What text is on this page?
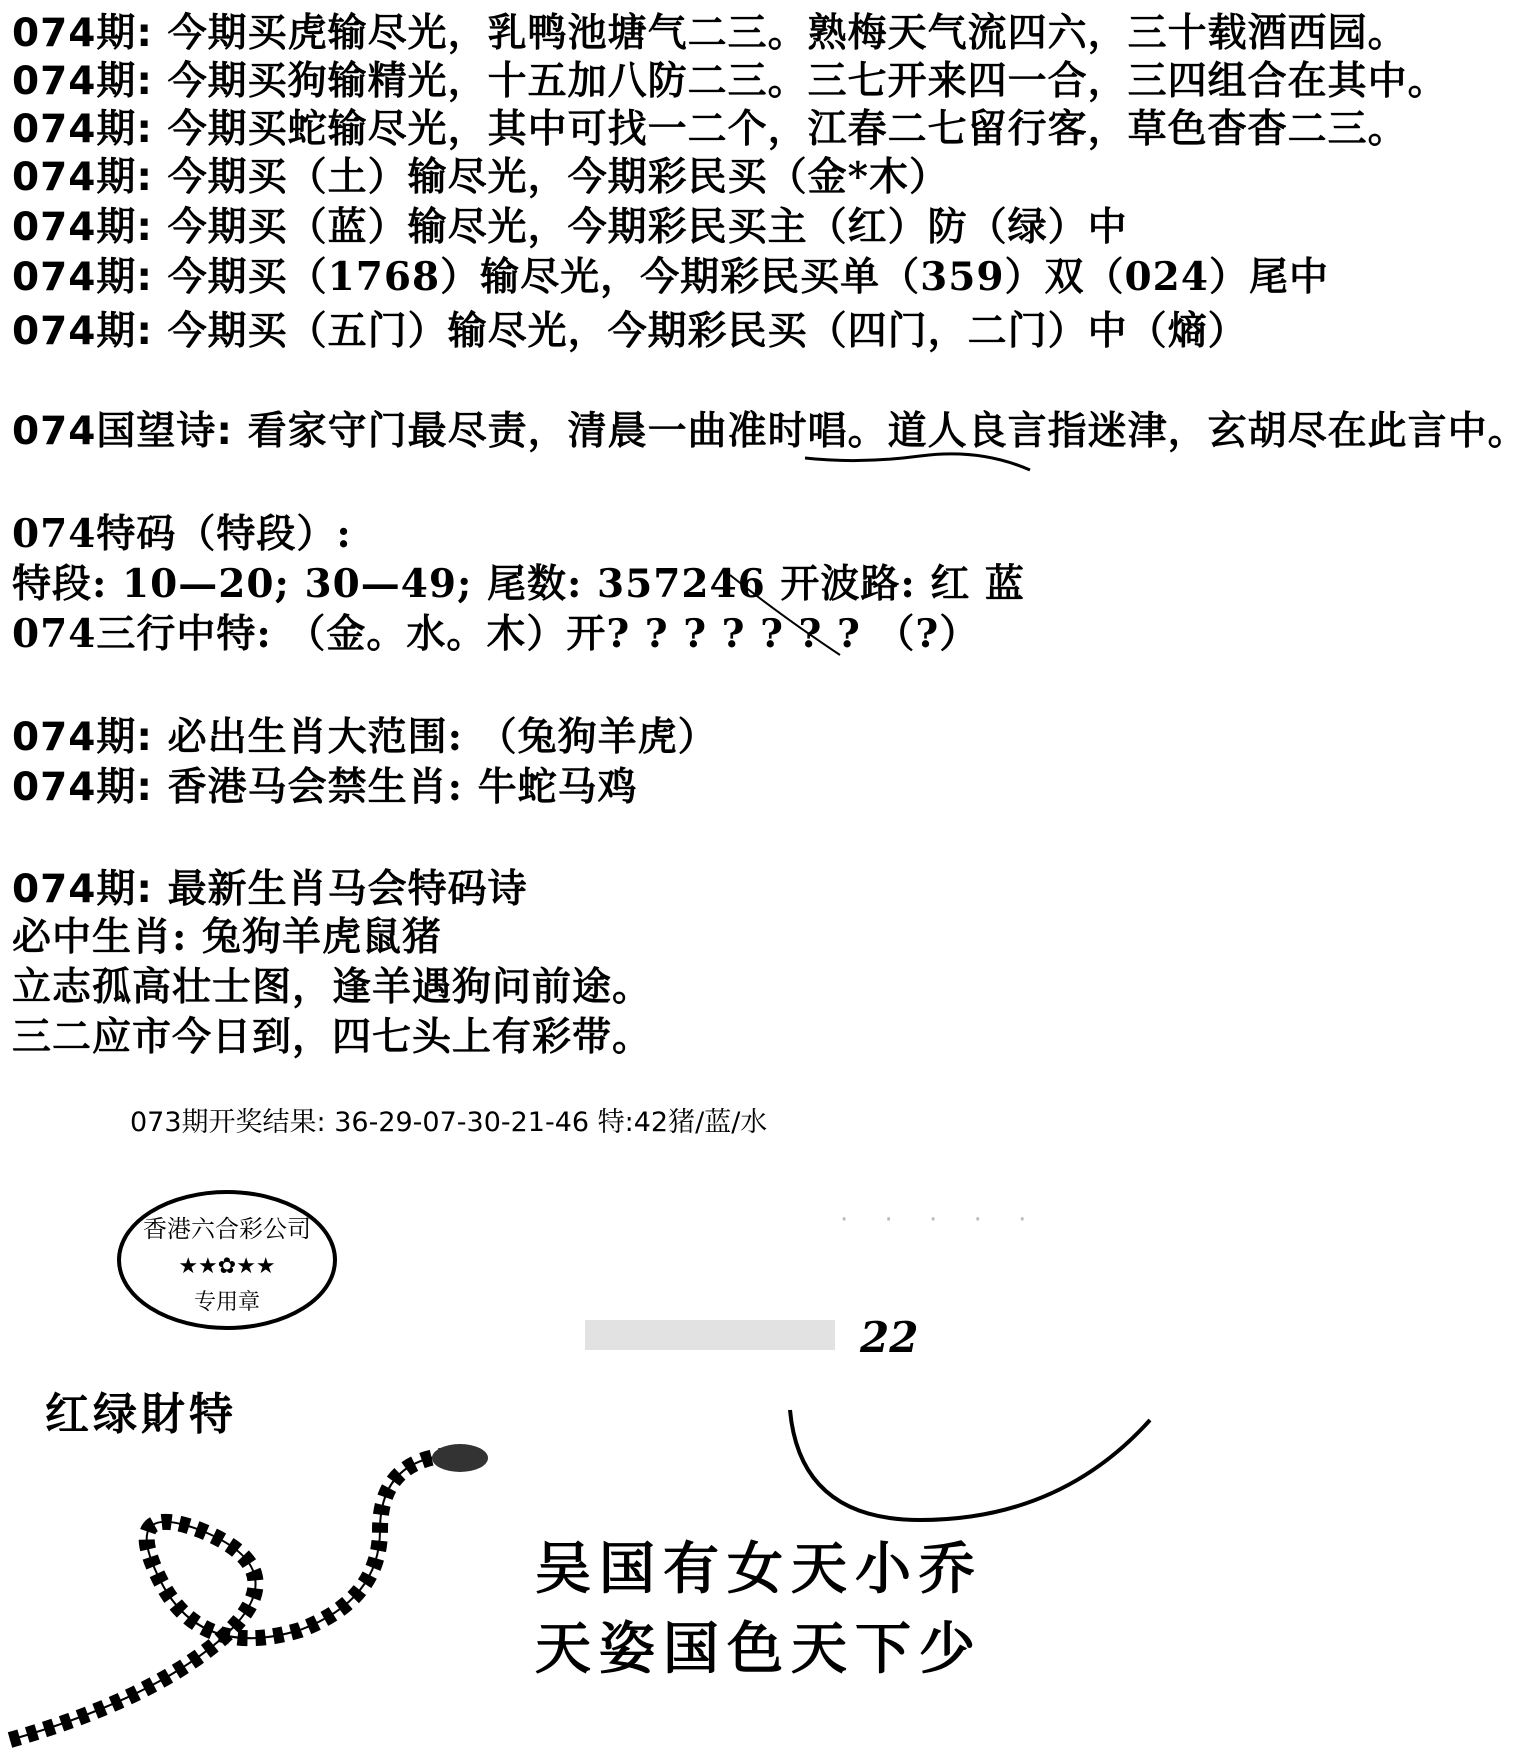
074期: 今期买虎输尽光，乳鸭池塘气二三。熟梅天气流四六，三十载酒西园。
074期: 今期买狗输精光，十五加八防二三。三七开来四一合，三四组合在其中。
074期: 今期买蛇输尽光，其中可找一二个，江春二七留行客，草色杳杳二三。
074期: 今期买（土）输尽光，今期彩民买（金*木）
074期: 今期买（蓝）输尽光，今期彩民买主（红）防（绿）中
074期: 今期买（1768）输尽光，今期彩民买单（359）双（024）尾中
074期: 今期买（五门）输尽光，今期彩民买（四门，二门）中（熵）
074国望诗: 看家守门最尽责，清晨一曲准时唱。道人良言指迷津，玄胡尽在此言中。
074特码（特段）:
特段: 10—20; 30—49; 尾数: 357246 开波路: 红 蓝
074三行中特: （金。水。木）开? ? ? ? ? ? ? （?）
074期: 必出生肖大范围: （兔狗羊虎）
074期: 香港马会禁生肖: 牛蛇马鸡
074期: 最新生肖马会特码诗
必中生肖: 兔狗羊虎鼠猪
立志孤高壮士图，逢羊遇狗问前途。
三二应市今日到，四七头上有彩带。
073期开奖结果: 36-29-07-30-21-46 特:42猪/蓝/水
香港六合彩公司
★★✿★★
专用章
红绿財特
· · · · ·
22
吴国有女天小乔
天姿国色天下少
